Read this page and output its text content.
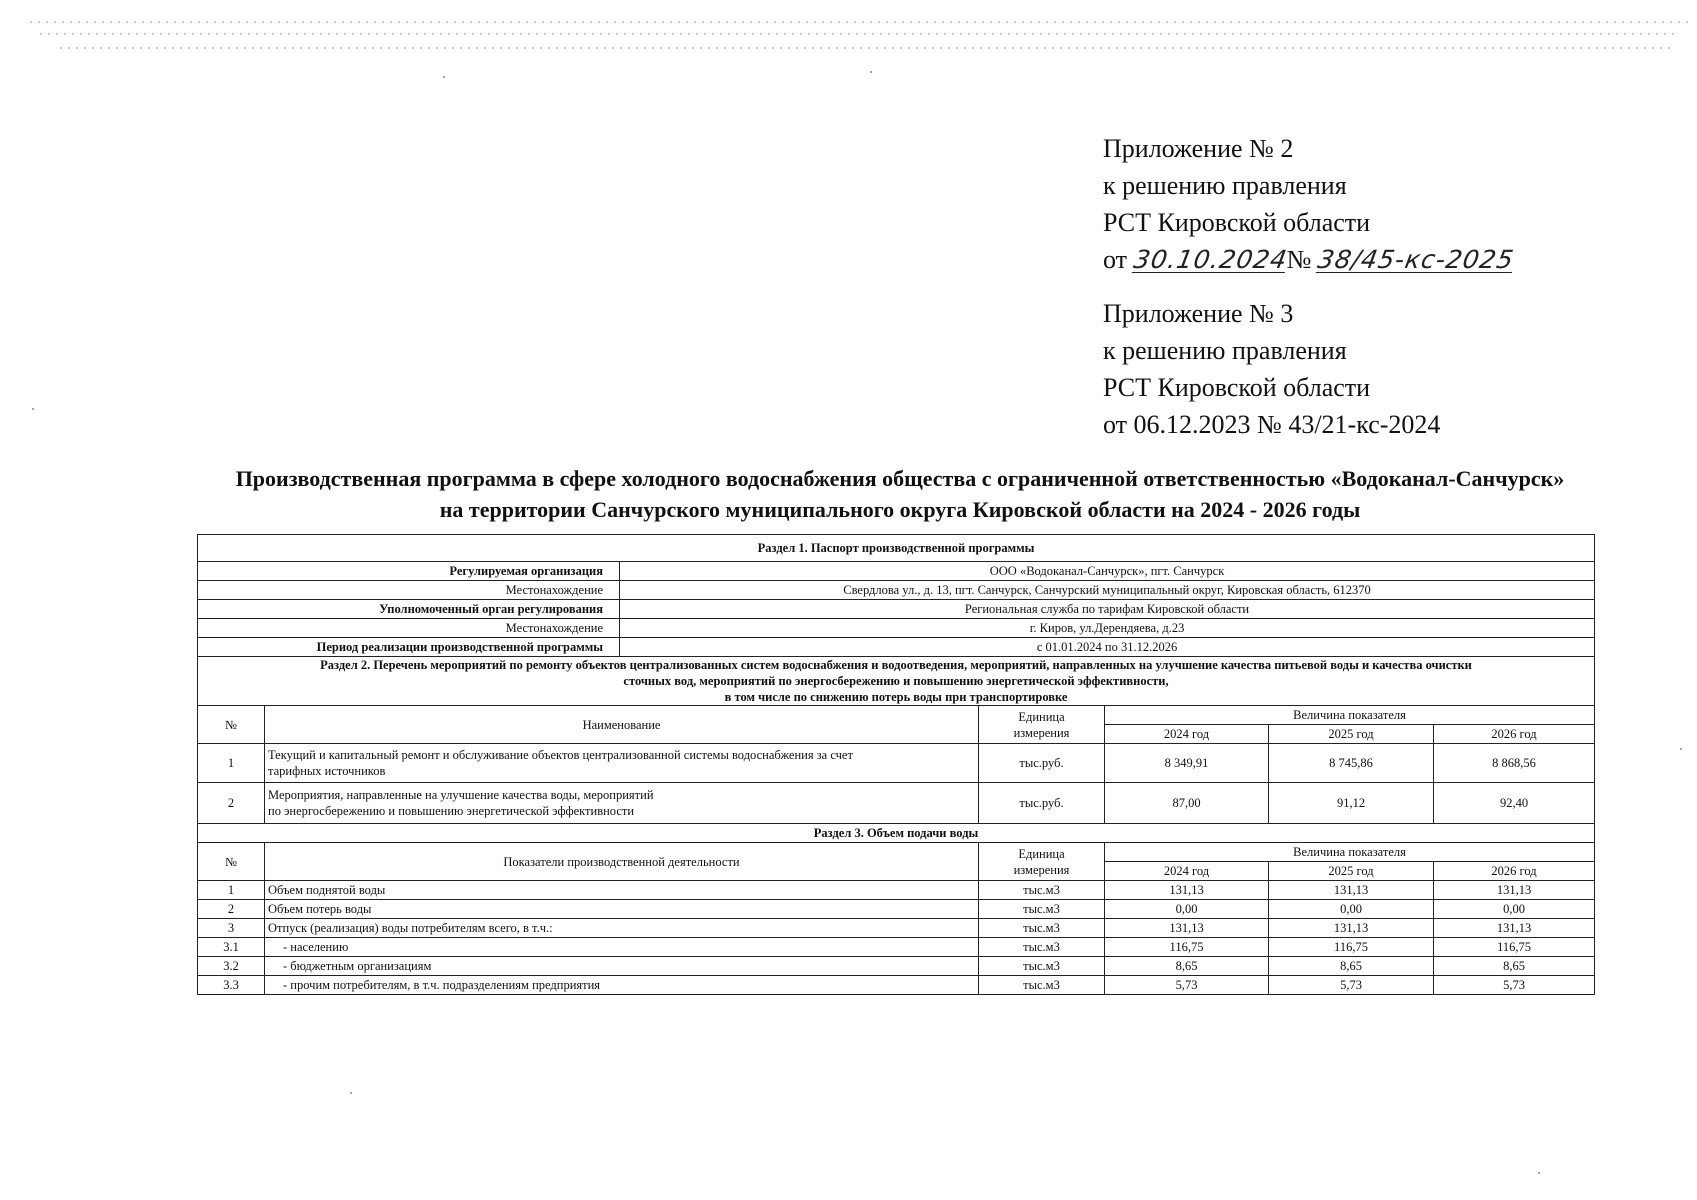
Приложение № 2
к решению правления
РСТ Кировской области
от 30.10.2024№ 38/45-кс-2025
Приложение № 3
к решению правления
РСТ Кировской области
от 06.12.2023 № 43/21-кс-2024
Производственная программа в сфере холодного водоснабжения общества с ограниченной ответственностью «Водоканал-Санчурск»
на территории Санчурского муниципального округа Кировской области на 2024 - 2026 годы
Раздел 1. Паспорт производственной программы						
Регулируемая организация		ООО «Водоканал-Санчурск», пгт. Санчурск				
Местонахождение		Свердлова ул., д. 13, пгт. Санчурск, Санчурский муниципальный округ, Кировская область, 612370				
Уполномоченный орган регулирования		Региональная служба по тарифам Кировской области				
Местонахождение		г. Киров, ул.Дерендяева, д.23				
Период реализации производственной программы		с 01.01.2024 по 31.12.2026				

Раздел 2. Перечень мероприятий по ремонту объектов централизованных систем водоснабжения и водоотведения, мероприятий, направленных на улучшение качества питьевой воды и качества очистки
сточных вод, мероприятий по энергосбережению и повышению энергетической эффективности,
в том числе по снижению потерь воды при транспортировке						

№	Наименование		Единица
измерения	Величина показателя		
				2024 год	2025 год	2026 год
1	Текущий и капитальный ремонт и обслуживание объектов централизованной системы водоснабжения за счет
тарифных источников		тыс.руб.	8 349,91	8 745,86	8 868,56
2	Мероприятия, направленные на улучшение качества воды, мероприятий
по энергосбережению и повышению энергетической эффективности		тыс.руб.	87,00	91,12	92,40
Раздел 3. Объем подачи воды						
№	Показатели производственной деятельности		Единица
измерения	Величина показателя		
				2024 год	2025 год	2026 год
1	Объем поднятой воды		тыс.м3	131,13	131,13	131,13
2	Объем потерь воды		тыс.м3	0,00	0,00	0,00
3	Отпуск (реализация) воды потребителям всего, в т.ч.:		тыс.м3	131,13	131,13	131,13
3.1	- населению		тыс.м3	116,75	116,75	116,75
3.2	- бюджетным организациям		тыс.м3	8,65	8,65	8,65
3.3	- прочим потребителям, в т.ч. подразделениям предприятия		тыс.м3	5,73	5,73	5,73
